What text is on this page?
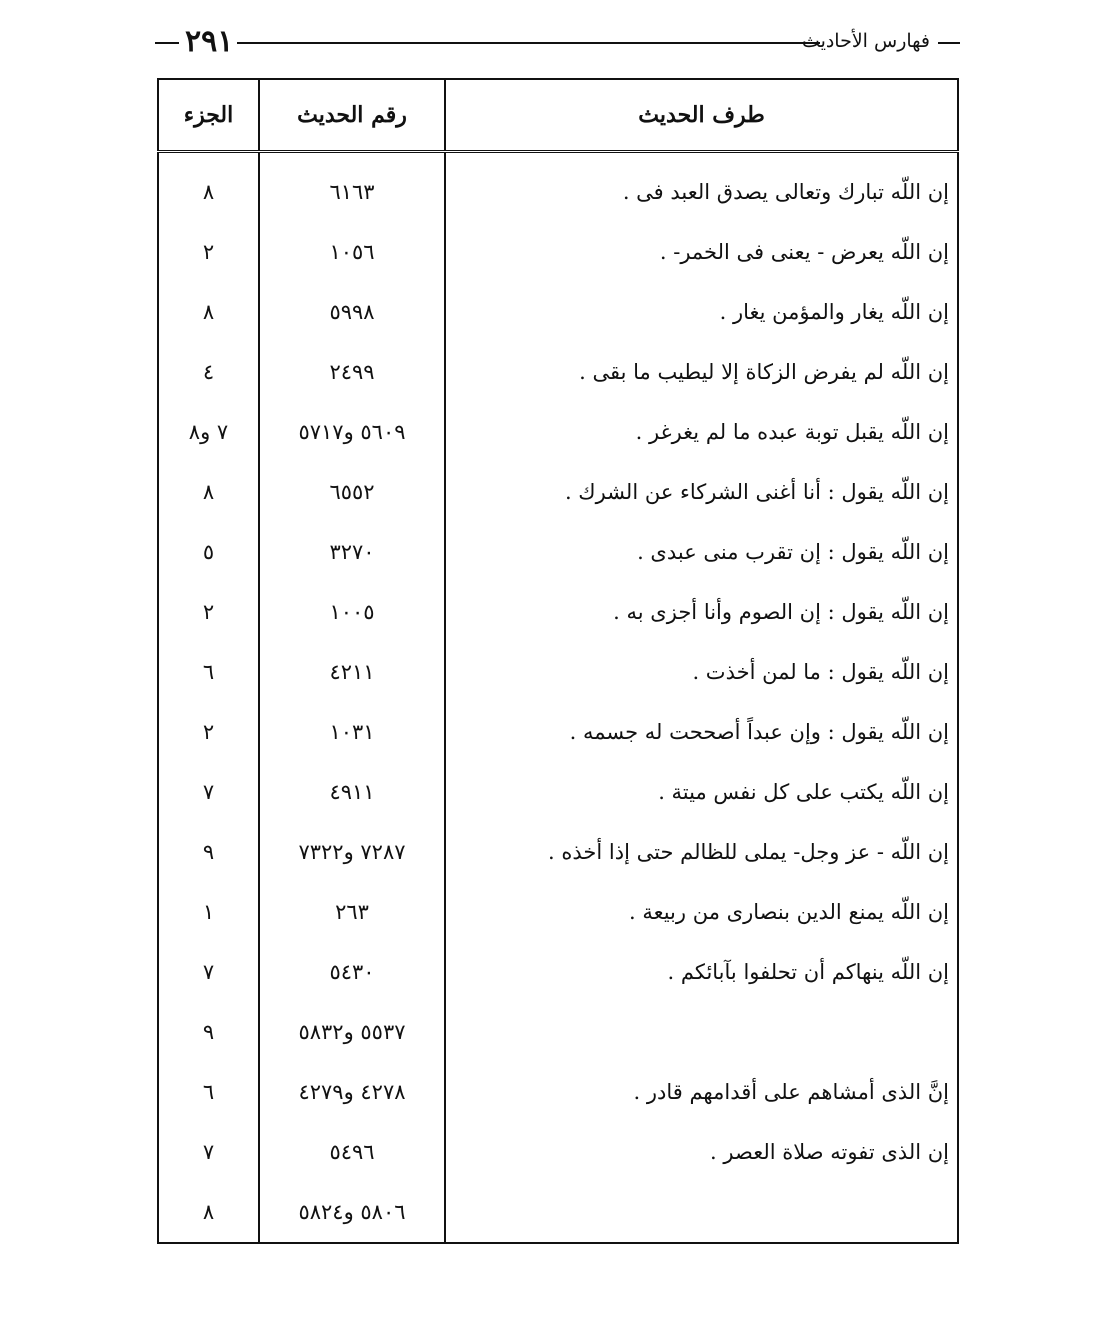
٢٩١	فهارس الأحاديث
طرف الحديث	رقم الحديث	الجزء

إن اللّه تبارك وتعالى يصدق العبد فى .	٦١٦٣	٨
إن اللّه يعرض - يعنى فى الخمر- .	١٠٥٦	٢
إن اللّه يغار والمؤمن يغار .	٥٩٩٨	٨
إن اللّه لم يفرض الزكاة إلا ليطيب ما بقى .	٢٤٩٩	٤
إن اللّه يقبل توبة عبده ما لم يغرغر .	٥٦٠٩ و٥٧١٧	٧ و٨
إن اللّه يقول : أنا أغنى الشركاء عن الشرك .	٦٥٥٢	٨
إن اللّه يقول : إن تقرب منى عبدى .	٣٢٧٠	٥
إن اللّه يقول : إن الصوم وأنا أجزى به .	١٠٠٥	٢
إن اللّه يقول : ما لمن أخذت .	٤٢١١	٦
إن اللّه يقول : وإن عبداً أصححت له جسمه .	١٠٣١	٢
إن اللّه يكتب على كل نفس ميتة .	٤٩١١	٧
إن اللّه - عز وجل- يملى للظالم حتى إذا أخذه .	٧٢٨٧ و٧٣٢٢	٩
إن اللّه يمنع الدين بنصارى من ربيعة .	٢٦٣	١
إن اللّه ينهاكم أن تحلفوا بآبائكم .	٥٤٣٠	٧
	٥٥٣٧ و٥٨٣٢	٩
إنَّ الذى أمشاهم على أقدامهم قادر .	٤٢٧٨ و٤٢٧٩	٦
إن الذى تفوته صلاة العصر .	٥٤٩٦	٧
	٥٨٠٦ و٥٨٢٤	٨
